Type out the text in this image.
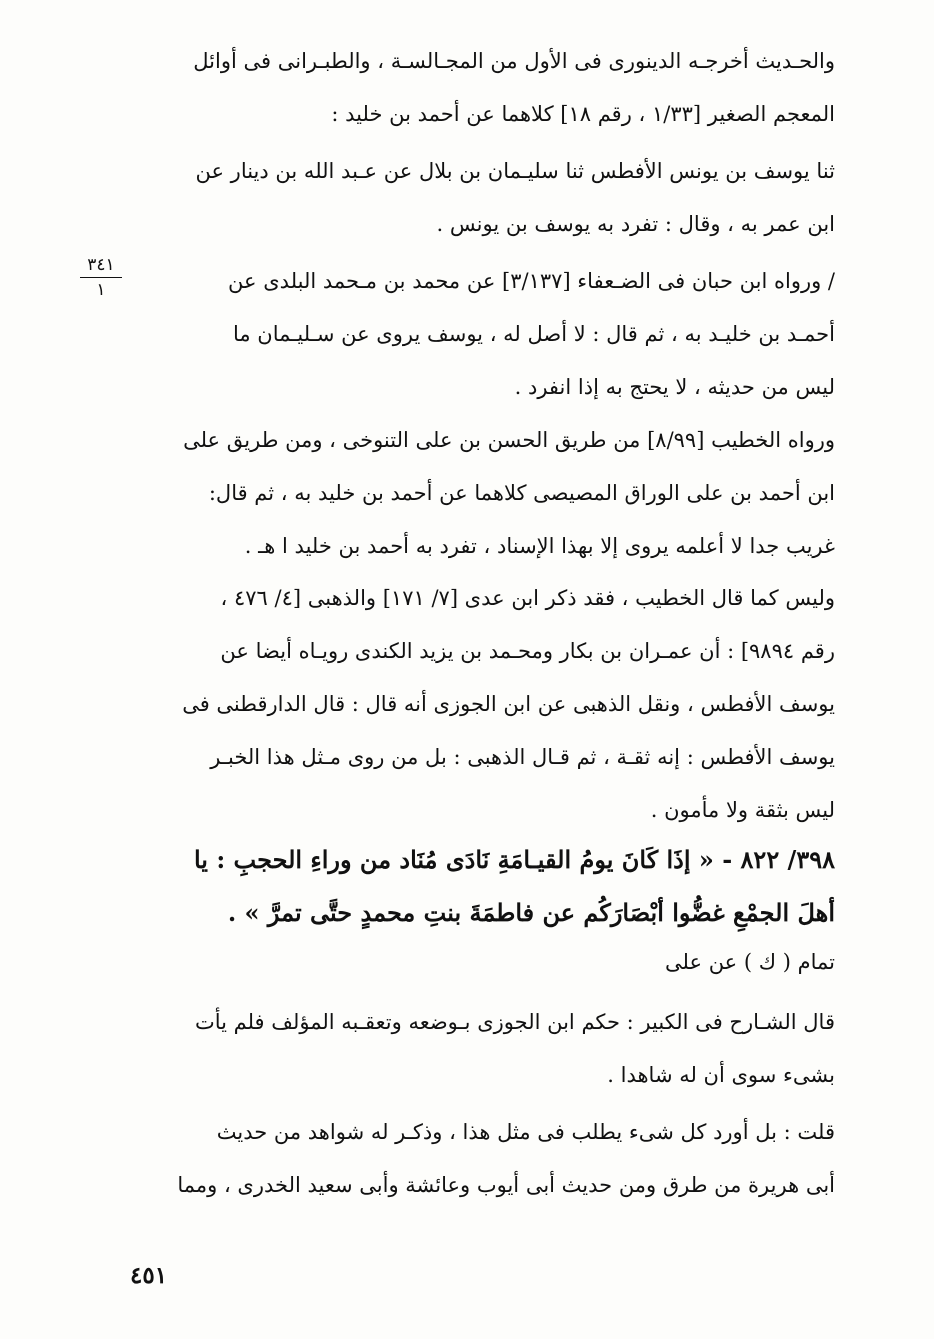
والحـديث أخرجـه الدينورى فى الأول من المجـالسـة ، والطبـرانى فى أوائل
المعجم الصغير [١/٣٣ ، رقم ١٨] كلاهما عن أحمد بن خليد :
ثنا يوسف بن يونس الأفطس ثنا سليـمان بن بلال عن عـبد الله بن دينار عن
ابن عمر به ، وقال : تفرد به يوسف بن يونس .
٣٤١
١	/ ورواه ابن حبان فى الضـعفاء [٣/١٣٧] عن محمد بن مـحمد البلدى عن
أحمـد بن خليـد به ، ثم قال : لا أصل له ، يوسف يروى عن سـليـمان ما
ليس من حديثه ، لا يحتج به إذا انفرد .
ورواه الخطيب [٨/٩٩] من طريق الحسن بن على التنوخى ، ومن طريق على
ابن أحمد بن على الوراق المصيصى كلاهما عن أحمد بن خليد به ، ثم قال:
غريب جدا لا أعلمه يروى إلا بهذا الإسناد ، تفرد به أحمد بن خليد ا هـ .
وليس كما قال الخطيب ، فقد ذكر ابن عدى [٧/ ١٧١] والذهبى [٤/ ٤٧٦ ،
رقم ٩٨٩٤] : أن عمـران بن بكار ومحـمد بن يزيد الكندى رويـاه أيضا عن
يوسف الأفطس ، ونقل الذهبى عن ابن الجوزى أنه قال : قال الدارقطنى فى
يوسف الأفطس : إنه ثقـة ، ثم قـال الذهبى : بل من روى مـثل هذا الخبـر
ليس بثقة ولا مأمون .
٣٩٨/ ٨٢٢ - « إذَا كَانَ يومُ القيـامَةِ نَادَى مُنَاد من وراءِ الحجبِ : يا
أهلَ الجمْعِ غضُّوا أبْصَارَكُم عن فاطمَةَ بنتِ محمدٍ حتَّى تمرَّ » .
تمام ( ك ) عن على
قال الشـارح فى الكبير : حكم ابن الجوزى بـوضعه وتعقـبه المؤلف فلم يأت
بشىء سوى أن له شاهدا .
قلت : بل أورد كل شىء يطلب فى مثل هذا ، وذكـر له شواهد من حديث
أبى هريرة من طرق ومن حديث أبى أيوب وعائشة وأبى سعيد الخدرى ، ومما
٤٥١
